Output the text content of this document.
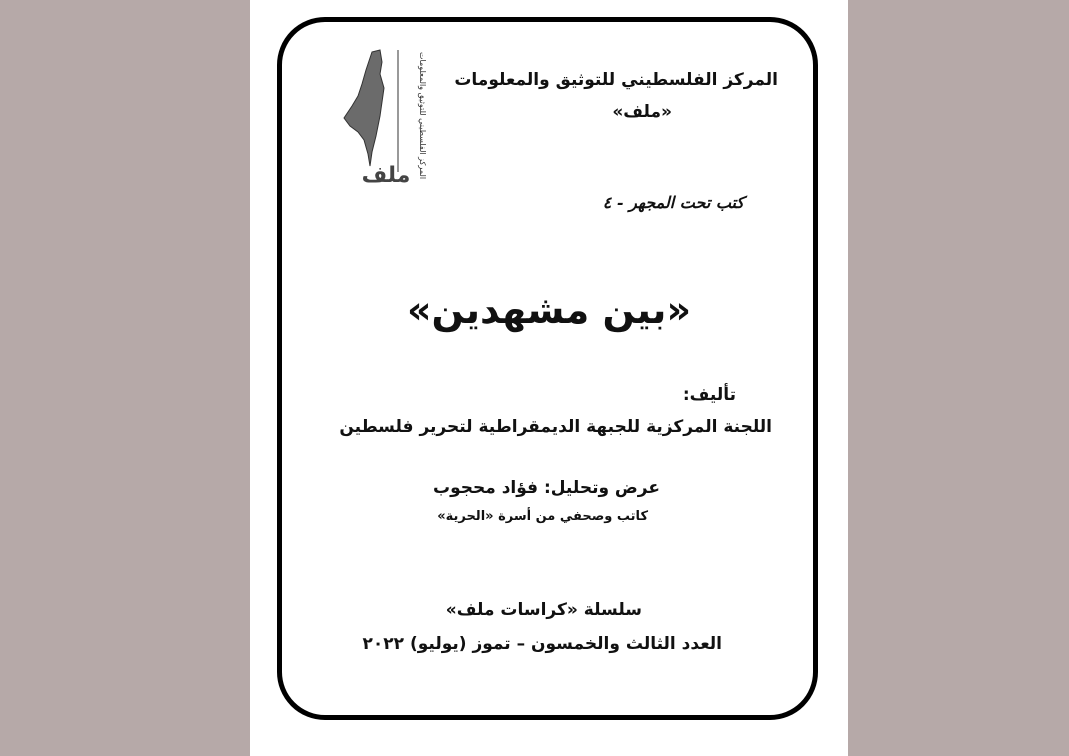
المركز الفلسطيني للتوثيق والمعلومات
ملف
المركز الفلسطيني للتوثيق والمعلومات
«ملف»
كتب تحت المجهر - ٤
«بين مشهدين»
تأليف:
اللجنة المركزية للجبهة الديمقراطية لتحرير فلسطين
عرض وتحليل: فؤاد محجوب
كاتب وصحفي من أسرة «الحرية»
سلسلة «كراسات ملف»
العدد الثالث والخمسون – تموز (يوليو) ٢٠٢٢
